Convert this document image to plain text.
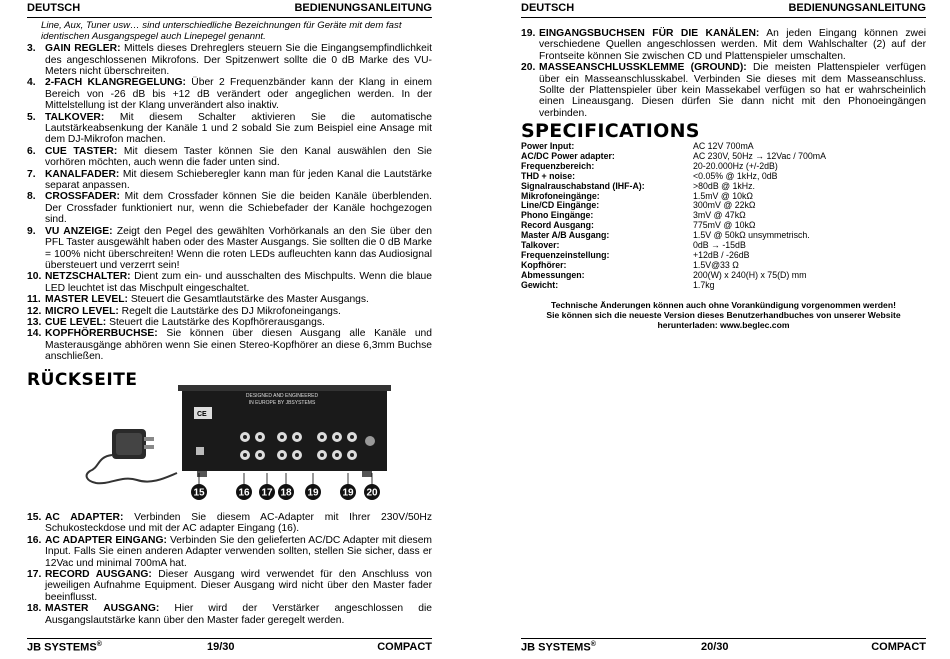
DEUTSCH	BEDIENUNGSANLEITUNG
Line, Aux, Tuner usw… sind unterschiedliche Bezeichnungen für Geräte mit dem fast identischen Ausgangspegel auch Linepegel genannt.
3. GAIN REGLER: Mittels dieses Drehreglers steuern Sie die Eingangsempfindlichkeit des angeschlossenen Mikrofons. Der Spitzenwert sollte die 0 dB Marke des VU-Meters nicht überschreiten.
4. 2-FACH KLANGREGELUNG: Über 2 Frequenzbänder kann der Klang in einem Bereich von -26 dB bis +12 dB verändert oder angeglichen werden. In der Mittelstellung ist der Klang unverändert also inaktiv.
5. TALKOVER: Mit diesem Schalter aktivieren Sie die automatische Lautstärkeabsenkung der Kanäle 1 und 2 sobald Sie zum Beispiel eine Ansage mit dem DJ-Mikrofon machen.
6. CUE TASTER: Mit diesem Taster können Sie den Kanal auswählen den Sie vorhören möchten, auch wenn die fader unten sind.
7. KANALFADER: Mit diesem Schieberegler kann man für jeden Kanal die Lautstärke separat anpassen.
8. CROSSFADER: Mit dem Crossfader können Sie die beiden Kanäle überblenden. Der Crossfader funktioniert nur, wenn die Schiebefader der Kanäle hochgezogen sind.
9. VU ANZEIGE: Zeigt den Pegel des gewählten Vorhörkanals an den Sie über den PFL Taster ausgewählt haben oder des Master Ausgangs. Sie sollten die 0 dB Marke = 100% nicht überschreiten! Wenn die roten LEDs aufleuchten kann das Audiosignal übersteuert und verzerrt sein!
10. NETZSCHALTER: Dient zum ein- und ausschalten des Mischpults. Wenn die blaue LED leuchtet ist das Mischpult eingeschaltet.
11. MASTER LEVEL: Steuert die Gesamtlautstärke des Master Ausgangs.
12. MICRO LEVEL: Regelt die Lautstärke des DJ Mikrofoneingangs.
13. CUE LEVEL: Steuert die Lautstärke des Kopfhörerausgangs.
14. KOPFHÖRERBUCHSE: Sie können über diesen Ausgang alle Kanäle und Masterausgänge abhören wenn Sie einen Stereo-Kopfhörer an diese 6,3mm Buchse anschließen.
RÜCKSEITE
CE
DESIGNED AND ENGINEERED
IN EUROPE BY JBSYSTEMS
15	16 17 18 19 19 20
15. AC ADAPTER: Verbinden Sie diesem AC-Adapter mit Ihrer 230V/50Hz Schukosteckdose und mit der AC adapter Eingang (16).
16. AC ADAPTER EINGANG: Verbinden Sie den gelieferten AC/DC Adapter mit diesem Input. Falls Sie einen anderen Adapter verwenden sollten, stellen Sie sicher, dass er 12Vac und minimal 700mA hat.
17. RECORD AUSGANG: Dieser Ausgang wird verwendet für den Anschluss von jeweiligen Aufnahme Equipment. Dieser Ausgang wird nicht über den Master fader beeinflusst.
18. MASTER AUSGANG: Hier wird der Verstärker angeschlossen die Ausgangslautstärke kann über den Master fader geregelt werden.
JB SYSTEMS®	19/30	COMPACT
DEUTSCH	BEDIENUNGSANLEITUNG
19. EINGANGSBUCHSEN FÜR DIE KANÄLEN: An jeden Eingang können zwei verschiedene Quellen angeschlossen werden. Mit dem Wahlschalter (2) auf der Frontseite können Sie zwischen CD und Plattenspieler umschalten.
20. MASSEANSCHLUSSKLEMME (GROUND): Die meisten Plattenspieler verfügen über ein Masseanschlusskabel. Verbinden Sie dieses mit dem Masseanschluss. Sollte der Plattenspieler über kein Massekabel verfügen so hat er wahrscheinlich einen Lineausgang. Diesen dürfen Sie dann nicht mit den Phonoeingängen verbinden.
SPECIFICATIONS
Power Input:	AC 12V 700mA
AC/DC Power adapter:	AC 230V, 50Hz → 12Vac / 700mA
Frequenzbereich:	20-20.000Hz (+/-2dB)
THD + noise:	<0.05% @ 1kHz, 0dB
Signalrauschabstand (IHF-A):	>80dB @ 1kHz.
Mikrofoneingänge:	1.5mV @ 10kΩ
Line/CD Eingänge:	300mV @ 22kΩ
Phono Eingänge:	3mV @ 47kΩ
Record Ausgang:	775mV @ 10kΩ
Master A/B Ausgang:	1.5V @ 50kΩ unsymmetrisch.
Talkover:	0dB → -15dB
Frequenzeinstellung:	+12dB / -26dB
Kopfhörer:	1.5V@33 Ω
Abmessungen:	200(W) x 240(H) x 75(D) mm
Gewicht:	1.7kg
Technische Änderungen können auch ohne Vorankündigung vorgenommen werden!
Sie können sich die neueste Version dieses Benutzerhandbuches von unserer Website
herunterladen: www.beglec.com
JB SYSTEMS®	20/30	COMPACT
